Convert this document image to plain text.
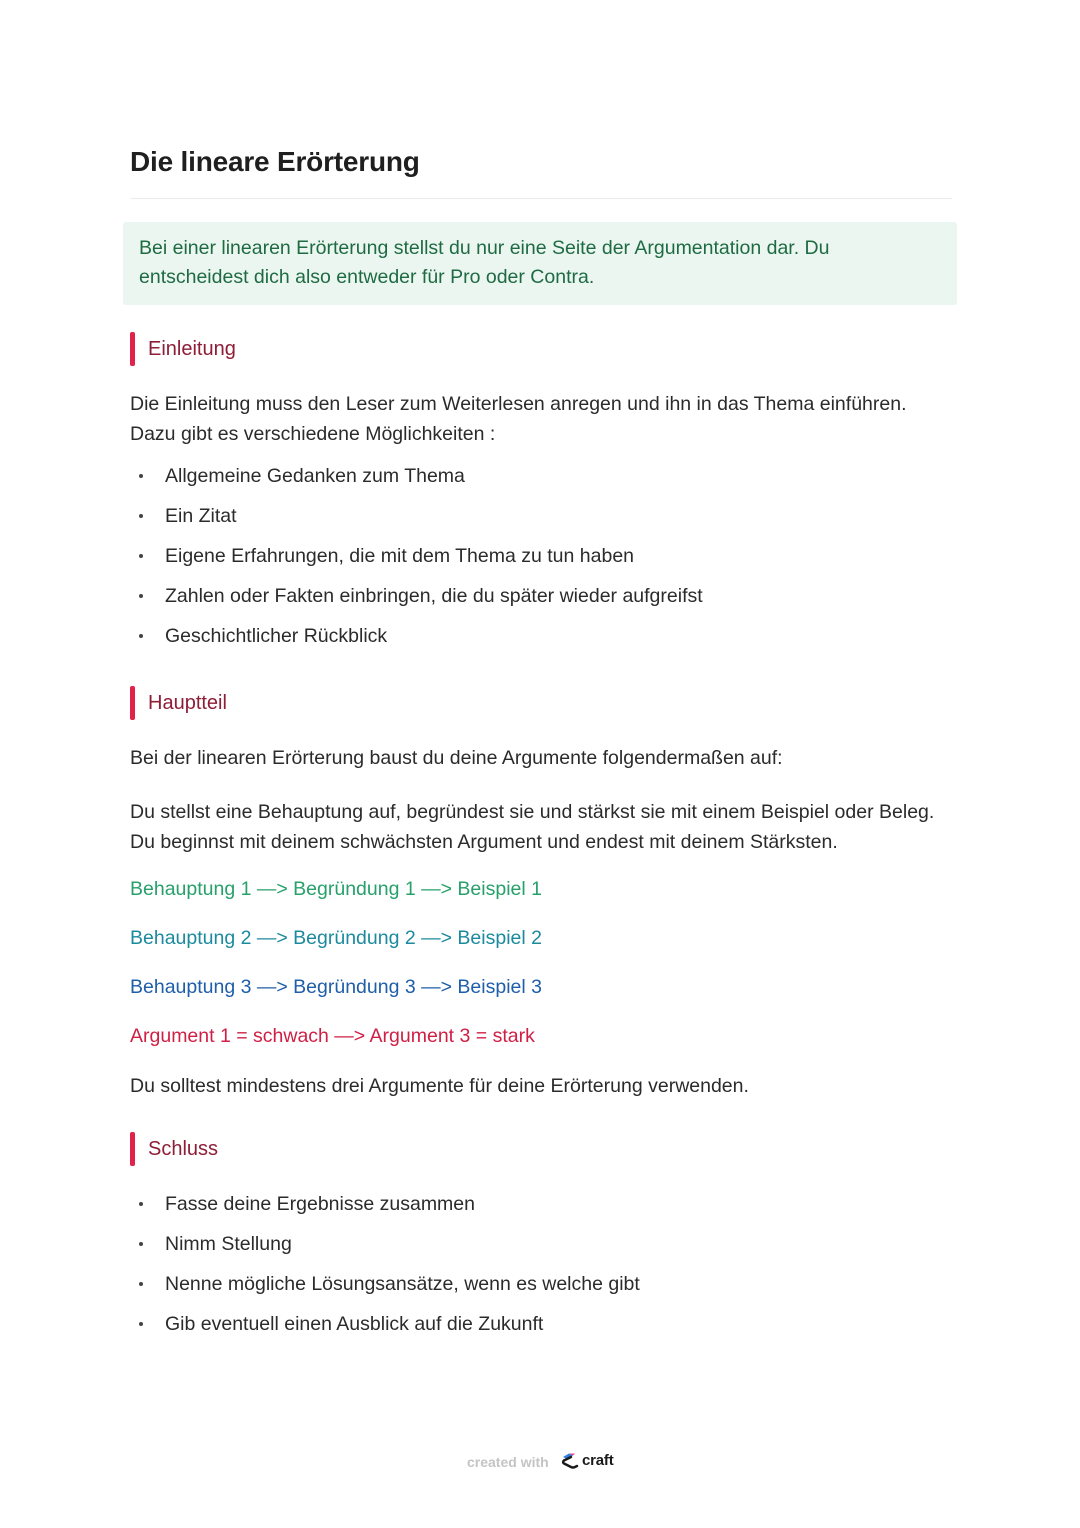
Die lineare Erörterung

Bei einer linearen Erörterung stellst du nur eine Seite der Argumentation dar. Du entscheidest dich also entweder für Pro oder Contra.

Einleitung

Die Einleitung muss den Leser zum Weiterlesen anregen und ihn in das Thema einführen. Dazu gibt es verschiedene Möglichkeiten :

Allgemeine Gedanken zum Thema
Ein Zitat
Eigene Erfahrungen, die mit dem Thema zu tun haben
Zahlen oder Fakten einbringen, die du später wieder aufgreifst
Geschichtlicher Rückblick
Hauptteil

Bei der linearen Erörterung baust du deine Argumente folgendermaßen auf:

Du stellst eine Behauptung auf, begründest sie und stärkst sie mit einem Beispiel oder Beleg. Du beginnst mit deinem schwächsten Argument und endest mit deinem Stärksten.

Behauptung 1 —> Begründung 1 —> Beispiel 1

Behauptung 2 —> Begründung 2 —> Beispiel 2

Behauptung 3 —> Begründung 3 —> Beispiel 3

Argument 1 = schwach —> Argument 3 = stark

Du solltest mindestens drei Argumente für deine Erörterung verwenden.

Schluss
Fasse deine Ergebnisse zusammen
Nimm Stellung
Nenne mögliche Lösungsansätze, wenn es welche gibt
Gib eventuell einen Ausblick auf die Zukunft
created with craft
